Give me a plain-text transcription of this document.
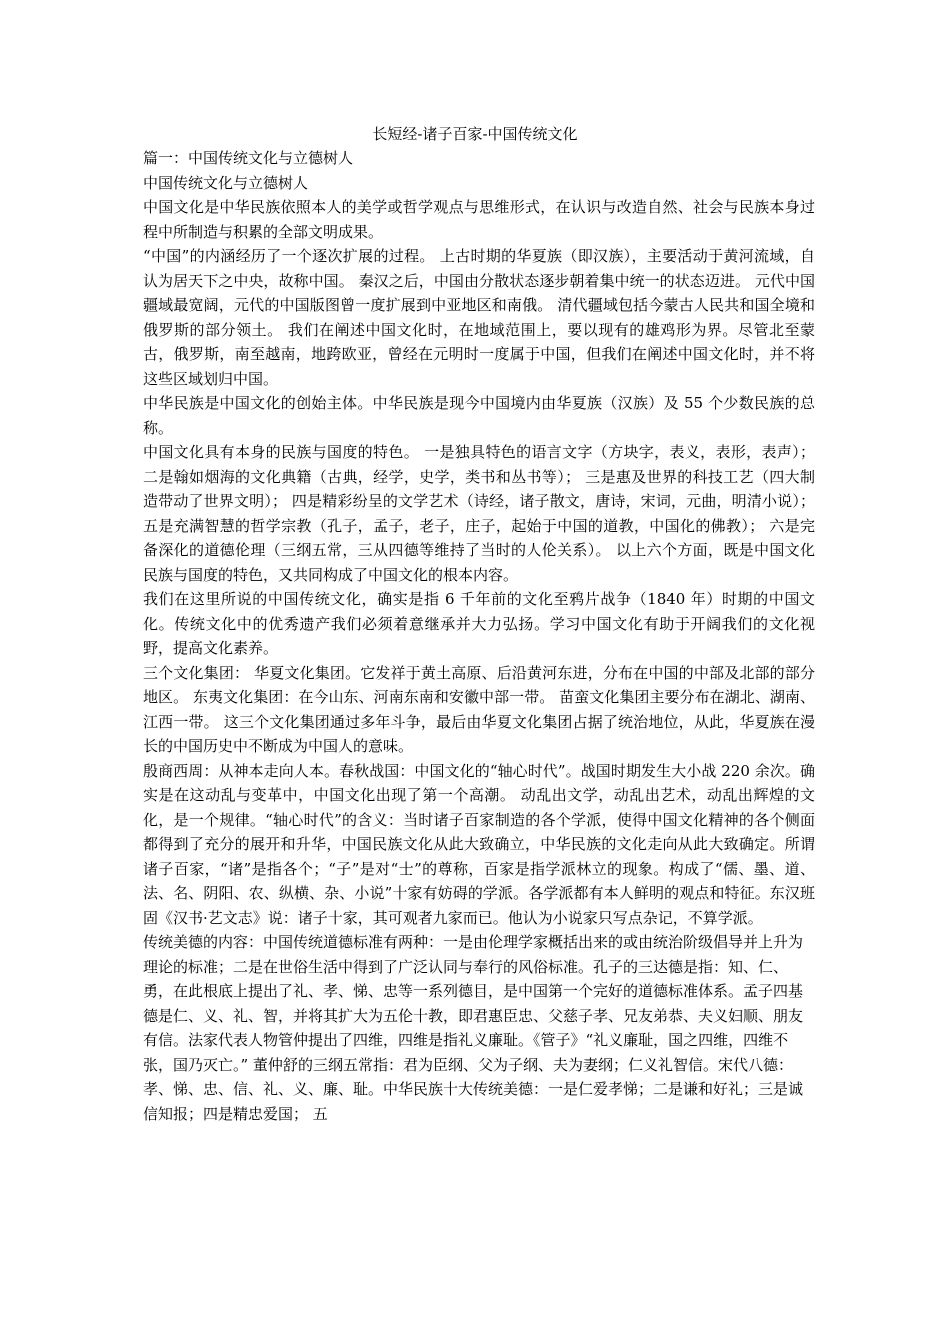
长短经-诸子百家-中国传统文化

篇一：中国传统文化与立德树人

中国传统文化与立德树人

中国文化是中华民族依照本人的美学或哲学观点与思维形式，在认识与改造自然、社会与民族本身过程中所制造与积累的全部文明成果。

“中国”的内涵经历了一个逐次扩展的过程。 上古时期的华夏族（即汉族），主要活动于黄河流域，自认为居天下之中央，故称中国。 秦汉之后，中国由分散状态逐步朝着集中统一的状态迈进。 元代中国疆域最宽阔，元代的中国版图曾一度扩展到中亚地区和南俄。 清代疆域包括今蒙古人民共和国全境和俄罗斯的部分领土。 我们在阐述中国文化时，在地域范围上，要以现有的雄鸡形为界。尽管北至蒙古，俄罗斯，南至越南，地跨欧亚，曾经在元明时一度属于中国，但我们在阐述中国文化时，并不将这些区域划归中国。

中华民族是中国文化的创始主体。中华民族是现今中国境内由华夏族（汉族）及 55 个少数民族的总称。

中国文化具有本身的民族与国度的特色。 一是独具特色的语言文字（方块字，表义，表形，表声）； 二是翰如烟海的文化典籍（古典，经学，史学，类书和丛书等）； 三是惠及世界的科技工艺（四大制造带动了世界文明）； 四是精彩纷呈的文学艺术（诗经，诸子散文，唐诗，宋词，元曲，明清小说）； 五是充满智慧的哲学宗教（孔子，孟子，老子，庄子，起始于中国的道教，中国化的佛教）； 六是完备深化的道德伦理（三纲五常，三从四德等维持了当时的人伦关系）。 以上六个方面，既是中国文化民族与国度的特色，又共同构成了中国文化的根本内容。

我们在这里所说的中国传统文化，确实是指 6 千年前的文化至鸦片战争（1840 年）时期的中国文化。传统文化中的优秀遗产我们必须着意继承并大力弘扬。学习中国文化有助于开阔我们的文化视野，提高文化素养。

三个文化集团： 华夏文化集团。它发祥于黄土高原、后沿黄河东进，分布在中国的中部及北部的部分地区。 东夷文化集团：在今山东、河南东南和安徽中部一带。 苗蛮文化集团主要分布在湖北、湖南、江西一带。 这三个文化集团通过多年斗争，最后由华夏文化集团占据了统治地位，从此，华夏族在漫长的中国历史中不断成为中国人的意味。

殷商西周：从神本走向人本。春秋战国：中国文化的“轴心时代”。战国时期发生大小战 220 余次。确实是在这动乱与变革中，中国文化出现了第一个高潮。 动乱出文学，动乱出艺术，动乱出辉煌的文化，是一个规律。“轴心时代”的含义：当时诸子百家制造的各个学派，使得中国文化精神的各个侧面都得到了充分的展开和升华，中国民族文化从此大致确立，中华民族的文化走向从此大致确定。所谓诸子百家，“诸”是指各个；“子”是对“士”的尊称，百家是指学派林立的现象。构成了“儒、墨、道、法、名、阴阳、农、纵横、杂、小说”十家有妨碍的学派。各学派都有本人鲜明的观点和特征。东汉班固《汉书·艺文志》说：诸子十家，其可观者九家而已。他认为小说家只写点杂记，不算学派。

传统美德的内容：中国传统道德标准有两种：一是由伦理学家概括出来的或由统治阶级倡导并上升为理论的标准；二是在世俗生活中得到了广泛认同与奉行的风俗标准。孔子的三达德是指：知、仁、勇，在此根底上提出了礼、孝、悌、忠等一系列德目，是中国第一个完好的道德标准体系。孟子四基德是仁、义、礼、智，并将其扩大为五伦十教，即君惠臣忠、父慈子孝、兄友弟恭、夫义妇顺、朋友有信。法家代表人物管仲提出了四维，四维是指礼义廉耻。《管子》“礼义廉耻，国之四维，四维不张，国乃灭亡。” 董仲舒的三纲五常指：君为臣纲、父为子纲、夫为妻纲；仁义礼智信。宋代八德：孝、悌、忠、信、礼、义、廉、耻。中华民族十大传统美德：一是仁爱孝悌；二是谦和好礼；三是诚信知报；四是精忠爱国； 五
